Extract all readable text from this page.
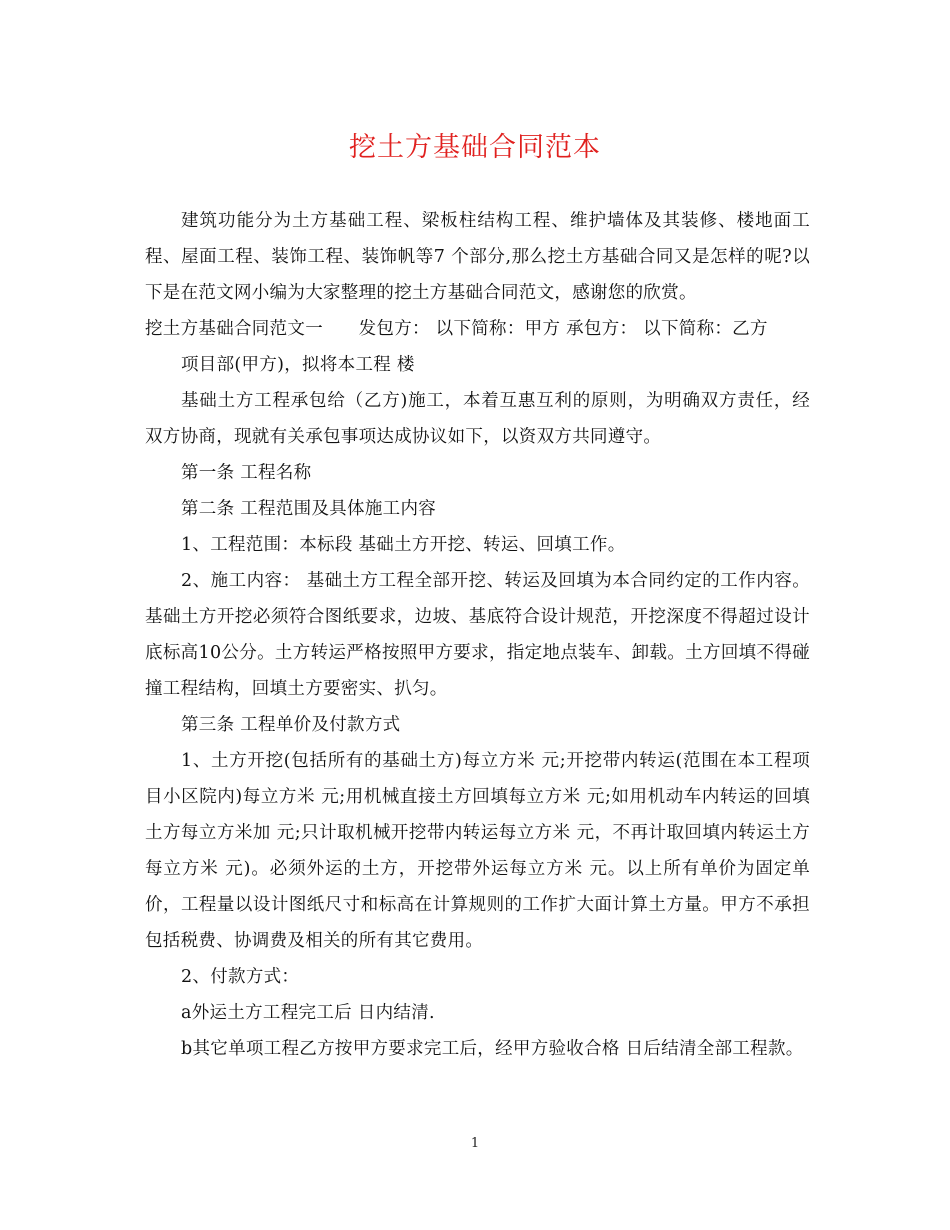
挖土方基础合同范本

建筑功能分为土方基础工程、梁板柱结构工程、维护墙体及其装修、楼地面工程、屋面工程、装饰工程、装饰帆等7 个部分,那么挖土方基础合同又是怎样的呢?以下是在范文网小编为大家整理的挖土方基础合同范文，感谢您的欣赏。

挖土方基础合同范文一　　发包方： 以下简称：甲方 承包方： 以下简称：乙方

项目部(甲方)，拟将本工程 楼

基础土方工程承包给（乙方)施工，本着互惠互利的原则，为明确双方责任，经双方协商，现就有关承包事项达成协议如下，以资双方共同遵守。

第一条 工程名称

第二条 工程范围及具体施工内容

1、工程范围：本标段 基础土方开挖、转运、回填工作。

2、施工内容： 基础土方工程全部开挖、转运及回填为本合同约定的工作内容。基础土方开挖必须符合图纸要求，边坡、基底符合设计规范，开挖深度不得超过设计底标高10公分。土方转运严格按照甲方要求，指定地点装车、卸载。土方回填不得碰撞工程结构，回填土方要密实、扒匀。

第三条 工程单价及付款方式

1、土方开挖(包括所有的基础土方)每立方米 元;开挖带内转运(范围在本工程项目小区院内)每立方米 元;用机械直接土方回填每立方米 元;如用机动车内转运的回填土方每立方米加 元;只计取机械开挖带内转运每立方米 元，不再计取回填内转运土方每立方米 元)。必须外运的土方，开挖带外运每立方米 元。以上所有单价为固定单价，工程量以设计图纸尺寸和标高在计算规则的工作扩大面计算土方量。甲方不承担包括税费、协调费及相关的所有其它费用。

2、付款方式：

a外运土方工程完工后 日内结清.

b其它单项工程乙方按甲方要求完工后，经甲方验收合格 日后结清全部工程款。

1
